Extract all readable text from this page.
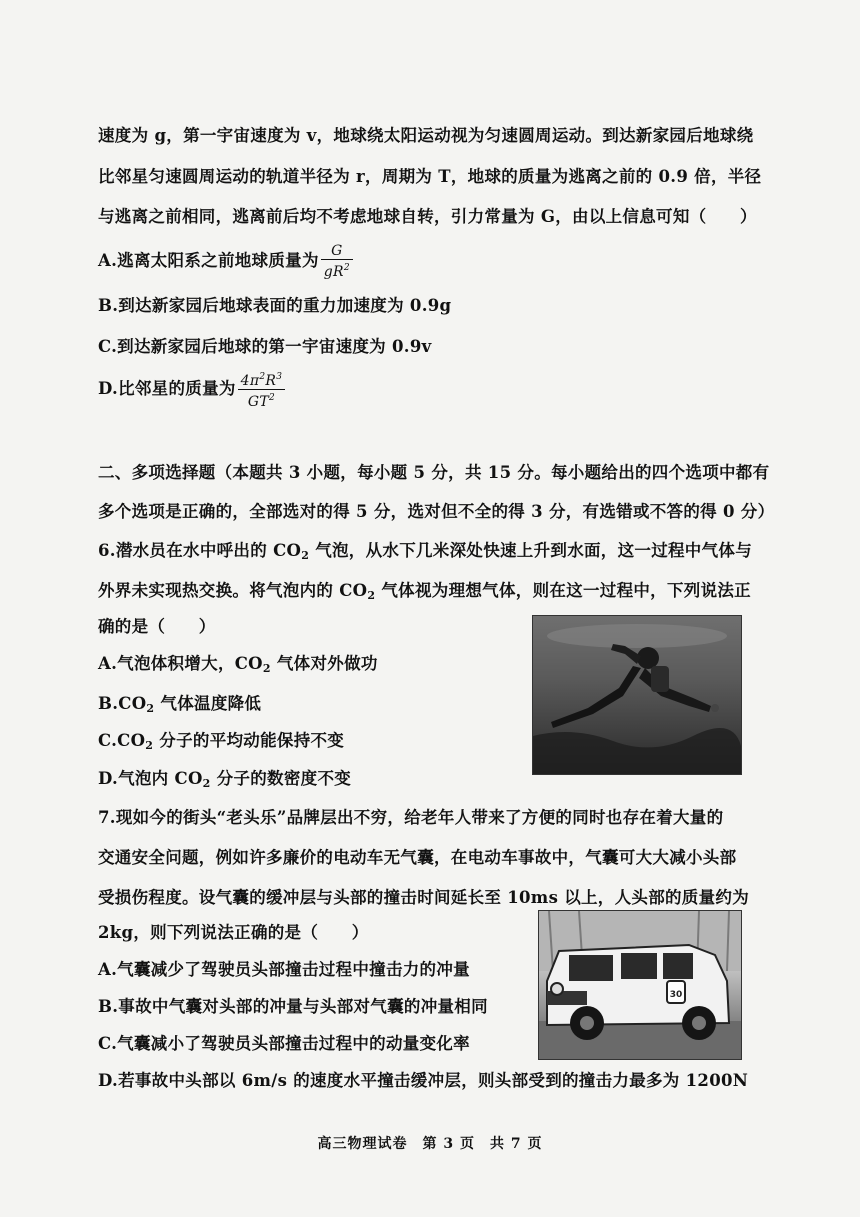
速度为 g，第一宇宙速度为 v，地球绕太阳运动视为匀速圆周运动。到达新家园后地球绕
比邻星匀速圆周运动的轨道半径为 r，周期为 T，地球的质量为逃离之前的 0.9 倍，半径
与逃离之前相同，逃离前后均不考虑地球自转，引力常量为 G，由以上信息可知（　　）
A.逃离太阳系之前地球质量为 $\frac{G}{gR^2}$
B.到达新家园后地球表面的重力加速度为 0.9g
C.到达新家园后地球的第一宇宙速度为 0.9v
D.比邻星的质量为 $\frac{4\pi^2R^3}{GT^2}$
二、多项选择题（本题共 3 小题，每小题 5 分，共 15 分。每小题给出的四个选项中都有
多个选项是正确的，全部选对的得 5 分，选对但不全的得 3 分，有选错或不答的得 0 分）
6.潜水员在水中呼出的 $CO_2$ 气泡，从水下几米深处快速上升到水面，这一过程中气体与
外界未实现热交换。将气泡内的 $CO_2$ 气体视为理想气体，则在这一过程中，下列说法正
确的是（　　）
A.气泡体积增大，$CO_2$ 气体对外做功
$B.CO_2$ 气体温度降低
$C.CO_2$ 分子的平均动能保持不变
D.气泡内 $CO_2$ 分子的数密度不变
7.现如今的街头“老头乐”品牌层出不穷，给老年人带来了方便的同时也存在着大量的
交通安全问题，例如许多廉价的电动车无气囊，在电动车事故中，气囊可大大减小头部
受损伤程度。设气囊的缓冲层与头部的撞击时间延长至 10ms 以上，人头部的质量约为
2kg，则下列说法正确的是（　　）
A.气囊减少了驾驶员头部撞击过程中撞击力的冲量
B.事故中气囊对头部的冲量与头部对气囊的冲量相同
C.气囊减小了驾驶员头部撞击过程中的动量变化率
D.若事故中头部以 6m/s 的速度水平撞击缓冲层，则头部受到的撞击力最多为 1200N
30
高三物理试卷　第 3 页　共 7 页
